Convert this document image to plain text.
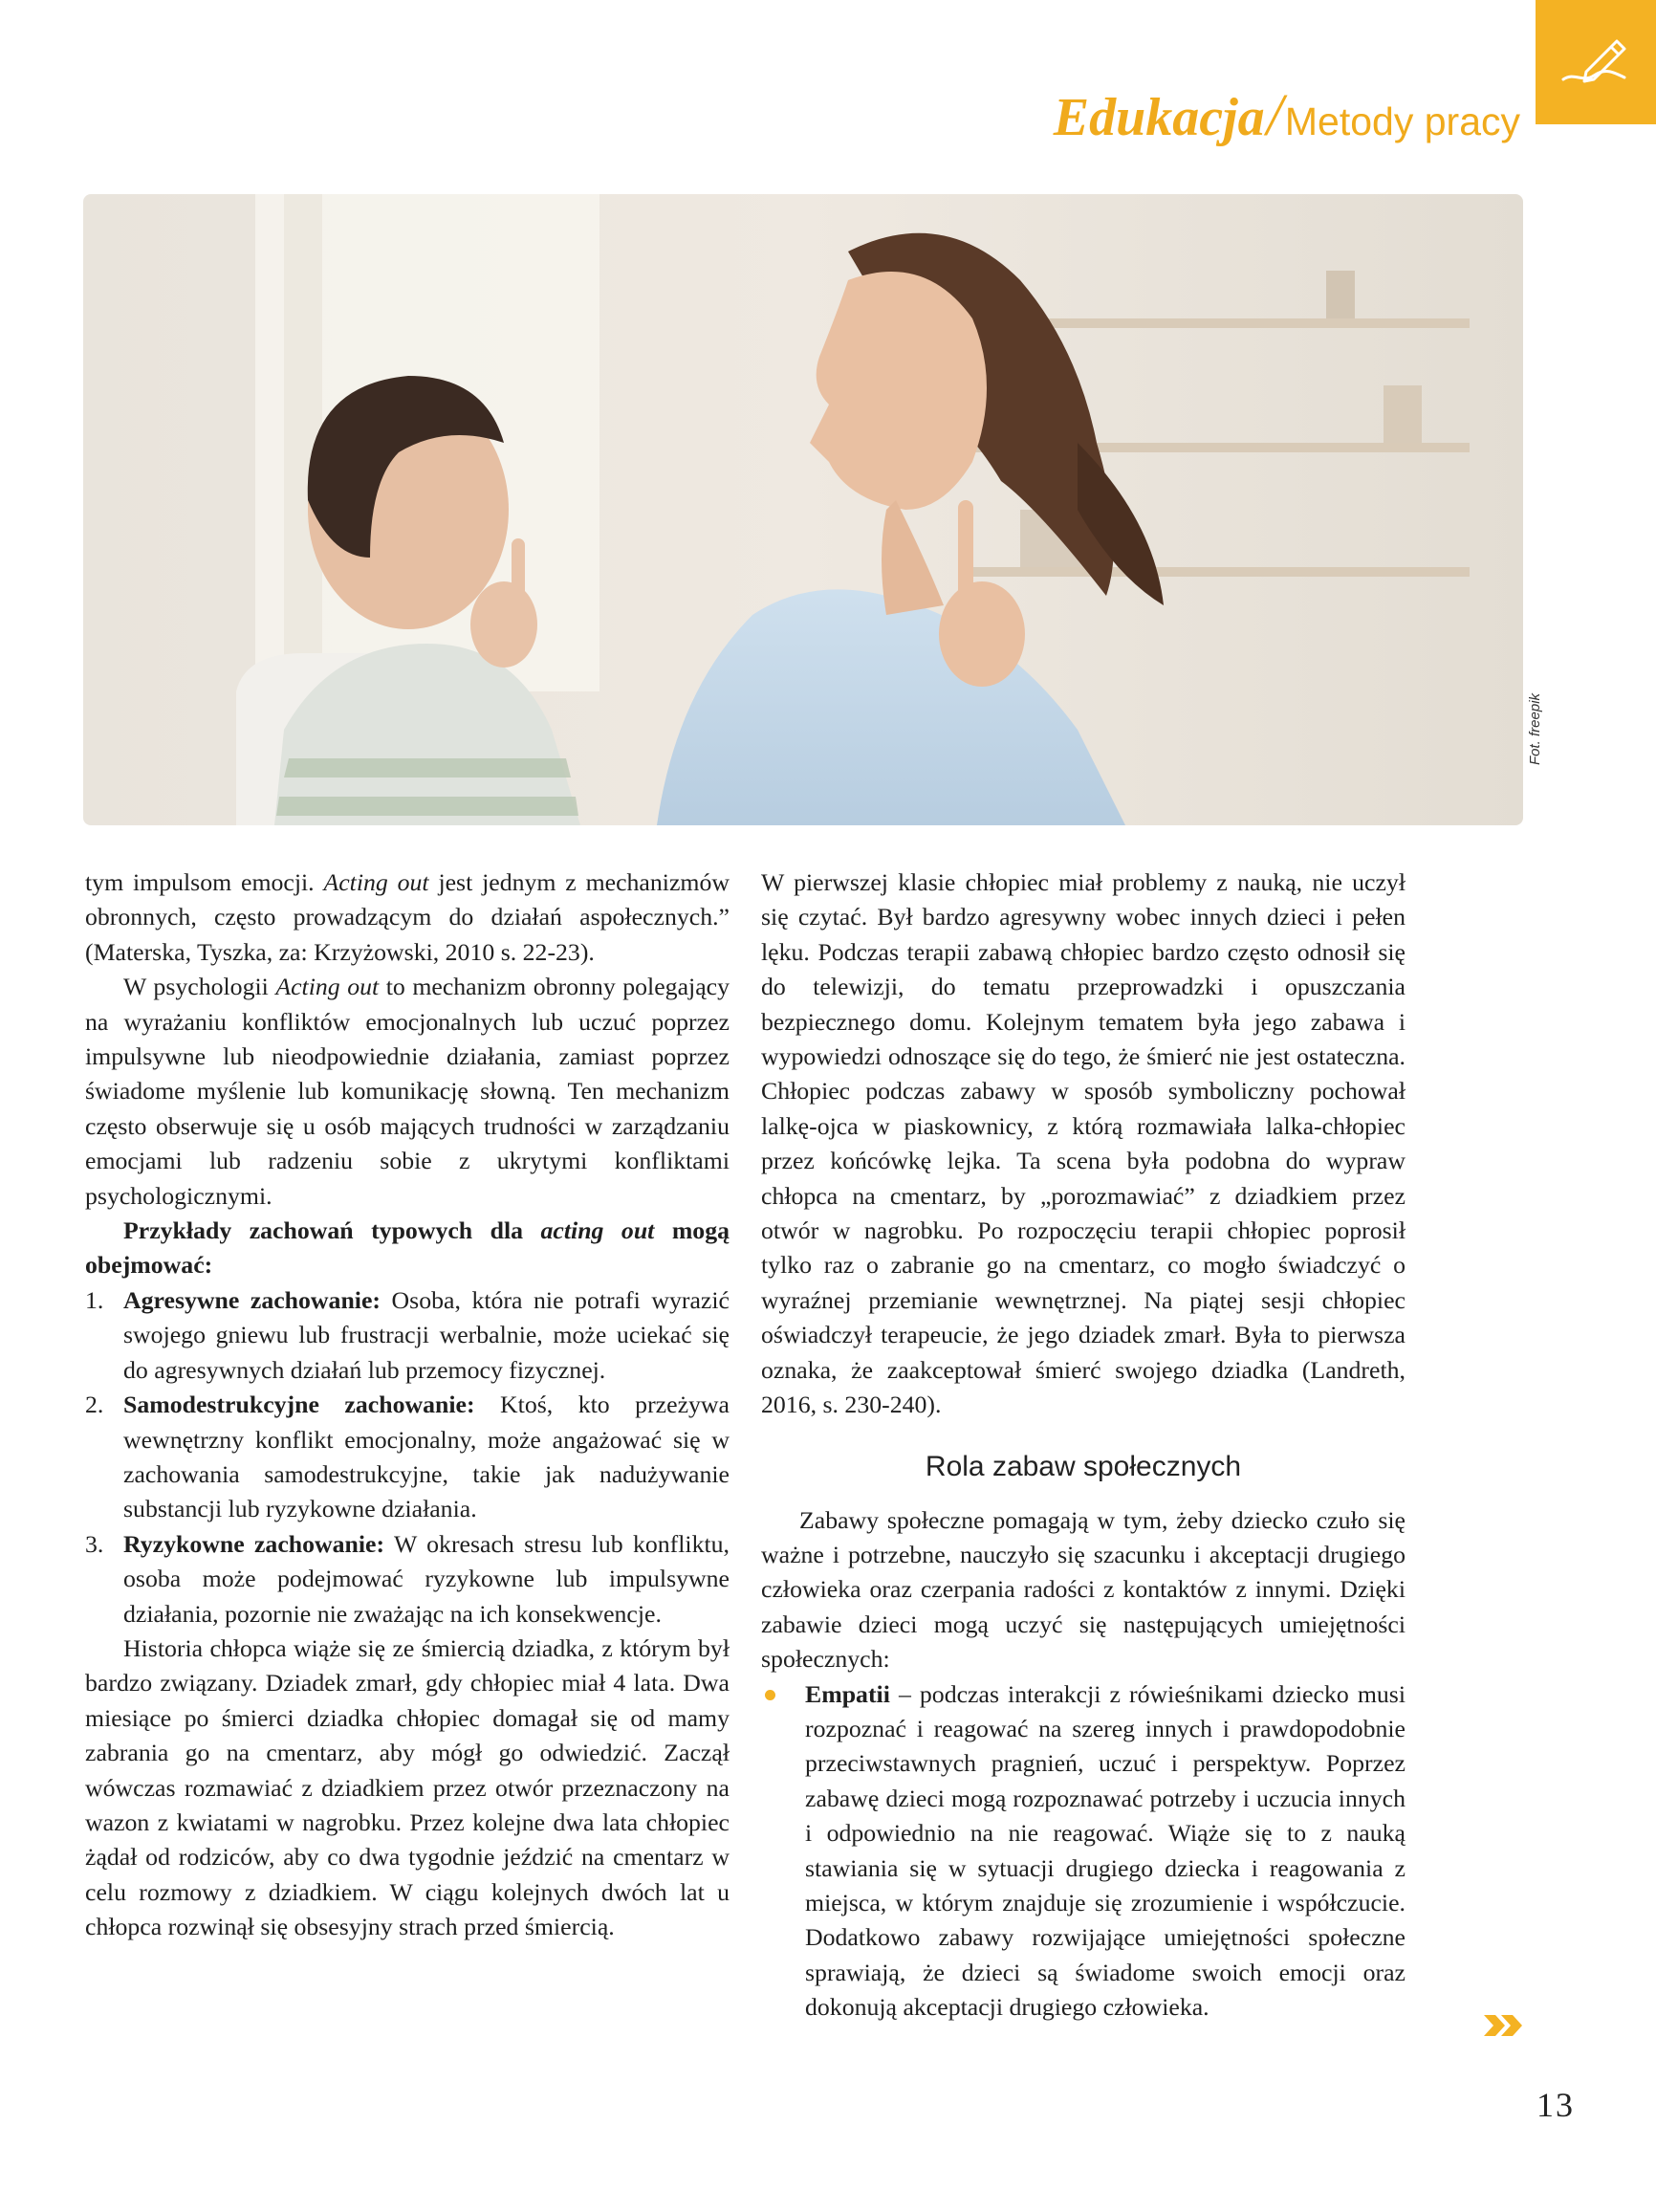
Edukacja / Metody pracy
Fot. freepik

tym impulsom emocji. Acting out jest jednym z mechanizmów obronnych, często prowadzącym do działań aspołecznych.” (Materska, Tyszka, za: Krzyżowski, 2010 s. 22-23).

W psychologii Acting out to mechanizm obronny polegający na wyrażaniu konfliktów emocjonalnych lub uczuć poprzez impulsywne lub nieodpowiednie działania, zamiast poprzez świadome myślenie lub komunikację słowną. Ten mechanizm często obserwuje się u osób mających trudności w zarządzaniu emocjami lub radzeniu sobie z ukrytymi konfliktami psychologicznymi.

Przykłady zachowań typowych dla acting out mogą obejmować:

1. Agresywne zachowanie: Osoba, która nie potrafi wyrazić swojego gniewu lub frustracji werbalnie, może uciekać się do agresywnych działań lub przemocy fizycznej.
2. Samodestrukcyjne zachowanie: Ktoś, kto przeżywa wewnętrzny konflikt emocjonalny, może angażować się w zachowania samodestrukcyjne, takie jak nadużywanie substancji lub ryzykowne działania.
3. Ryzykowne zachowanie: W okresach stresu lub konfliktu, osoba może podejmować ryzykowne lub impulsywne działania, pozornie nie zważając na ich konsekwencje.

Historia chłopca wiąże się ze śmiercią dziadka, z którym był bardzo związany. Dziadek zmarł, gdy chłopiec miał 4 lata. Dwa miesiące po śmierci dziadka chłopiec domagał się od mamy zabrania go na cmentarz, aby mógł go odwiedzić. Zaczął wówczas rozmawiać z dziadkiem przez otwór przeznaczony na wazon z kwiatami w nagrobku. Przez kolejne dwa lata chłopiec żądał od rodziców, aby co dwa tygodnie jeździć na cmentarz w celu rozmowy z dziadkiem. W ciągu kolejnych dwóch lat u chłopca rozwinął się obsesyjny strach przed śmiercią.

W pierwszej klasie chłopiec miał problemy z nauką, nie uczył się czytać. Był bardzo agresywny wobec innych dzieci i pełen lęku. Podczas terapii zabawą chłopiec bardzo często odnosił się do telewizji, do tematu przeprowadzki i opuszczania bezpiecznego domu. Kolejnym tematem była jego zabawa i wypowiedzi odnoszące się do tego, że śmierć nie jest ostateczna. Chłopiec podczas zabawy w sposób symboliczny pochował lalkę-ojca w piaskownicy, z którą rozmawiała lalka-chłopiec przez końcówkę lejka. Ta scena była podobna do wypraw chłopca na cmentarz, by „porozmawiać” z dziadkiem przez otwór w nagrobku. Po rozpoczęciu terapii chłopiec poprosił tylko raz o zabranie go na cmentarz, co mogło świadczyć o wyraźnej przemianie wewnętrznej. Na piątej sesji chłopiec oświadczył terapeucie, że jego dziadek zmarł. Była to pierwsza oznaka, że zaakceptował śmierć swojego dziadka (Landreth, 2016, s. 230-240).

Rola zabaw społecznych

Zabawy społeczne pomagają w tym, żeby dziecko czuło się ważne i potrzebne, nauczyło się szacunku i akceptacji drugiego człowieka oraz czerpania radości z kontaktów z innymi. Dzięki zabawie dzieci mogą uczyć się następujących umiejętności społecznych:

Empatii – podczas interakcji z rówieśnikami dziecko musi rozpoznać i reagować na szereg innych i prawdopodobnie przeciwstawnych pragnień, uczuć i perspektyw. Poprzez zabawę dzieci mogą rozpoznawać potrzeby i uczucia innych i odpowiednio na nie reagować. Wiąże się to z nauką stawiania się w sytuacji drugiego dziecka i reagowania z miejsca, w którym znajduje się zrozumienie i współczucie. Dodatkowo zabawy rozwijające umiejętności społeczne sprawiają, że dzieci są świadome swoich emocji oraz dokonują akceptacji drugiego człowieka.
13
